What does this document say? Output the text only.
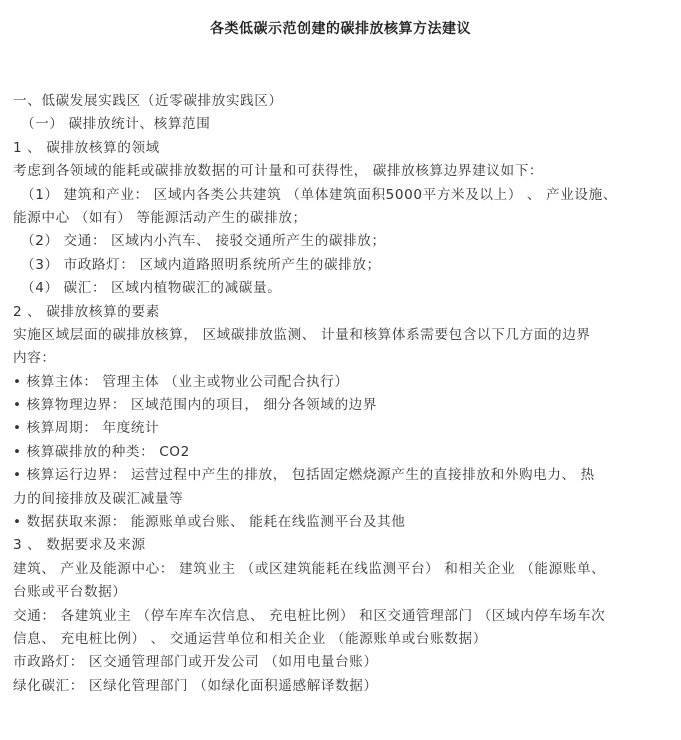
各类低碳示范创建的碳排放核算方法建议
一、低碳发展实践区（近零碳排放实践区）
（一） 碳排放统计、核算范围
1 、 碳排放核算的领域
考虑到各领域的能耗或碳排放数据的可计量和可获得性， 碳排放核算边界建议如下：
（1） 建筑和产业： 区域内各类公共建筑 （单体建筑面积5000平方米及以上） 、 产业设施、
能源中心 （如有） 等能源活动产生的碳排放；
（2） 交通： 区域内小汽车、 接驳交通所产生的碳排放；
（3） 市政路灯： 区域内道路照明系统所产生的碳排放；
（4） 碳汇： 区域内植物碳汇的减碳量。
2 、 碳排放核算的要素
实施区域层面的碳排放核算， 区域碳排放监测、 计量和核算体系需要包含以下几方面的边界
内容：
• 核算主体： 管理主体 （业主或物业公司配合执行）
• 核算物理边界： 区域范围内的项目， 细分各领域的边界
• 核算周期： 年度统计
• 核算碳排放的种类： CO2
• 核算运行边界： 运营过程中产生的排放， 包括固定燃烧源产生的直接排放和外购电力、 热
力的间接排放及碳汇减量等
• 数据获取来源： 能源账单或台账、 能耗在线监测平台及其他
3 、 数据要求及来源
建筑、 产业及能源中心： 建筑业主 （或区建筑能耗在线监测平台） 和相关企业 （能源账单、
台账或平台数据）
交通： 各建筑业主 （停车库车次信息、 充电桩比例） 和区交通管理部门 （区域内停车场车次
信息、 充电桩比例） 、 交通运营单位和相关企业 （能源账单或台账数据）
市政路灯： 区交通管理部门或开发公司 （如用电量台账）
绿化碳汇： 区绿化管理部门 （如绿化面积遥感解译数据）
